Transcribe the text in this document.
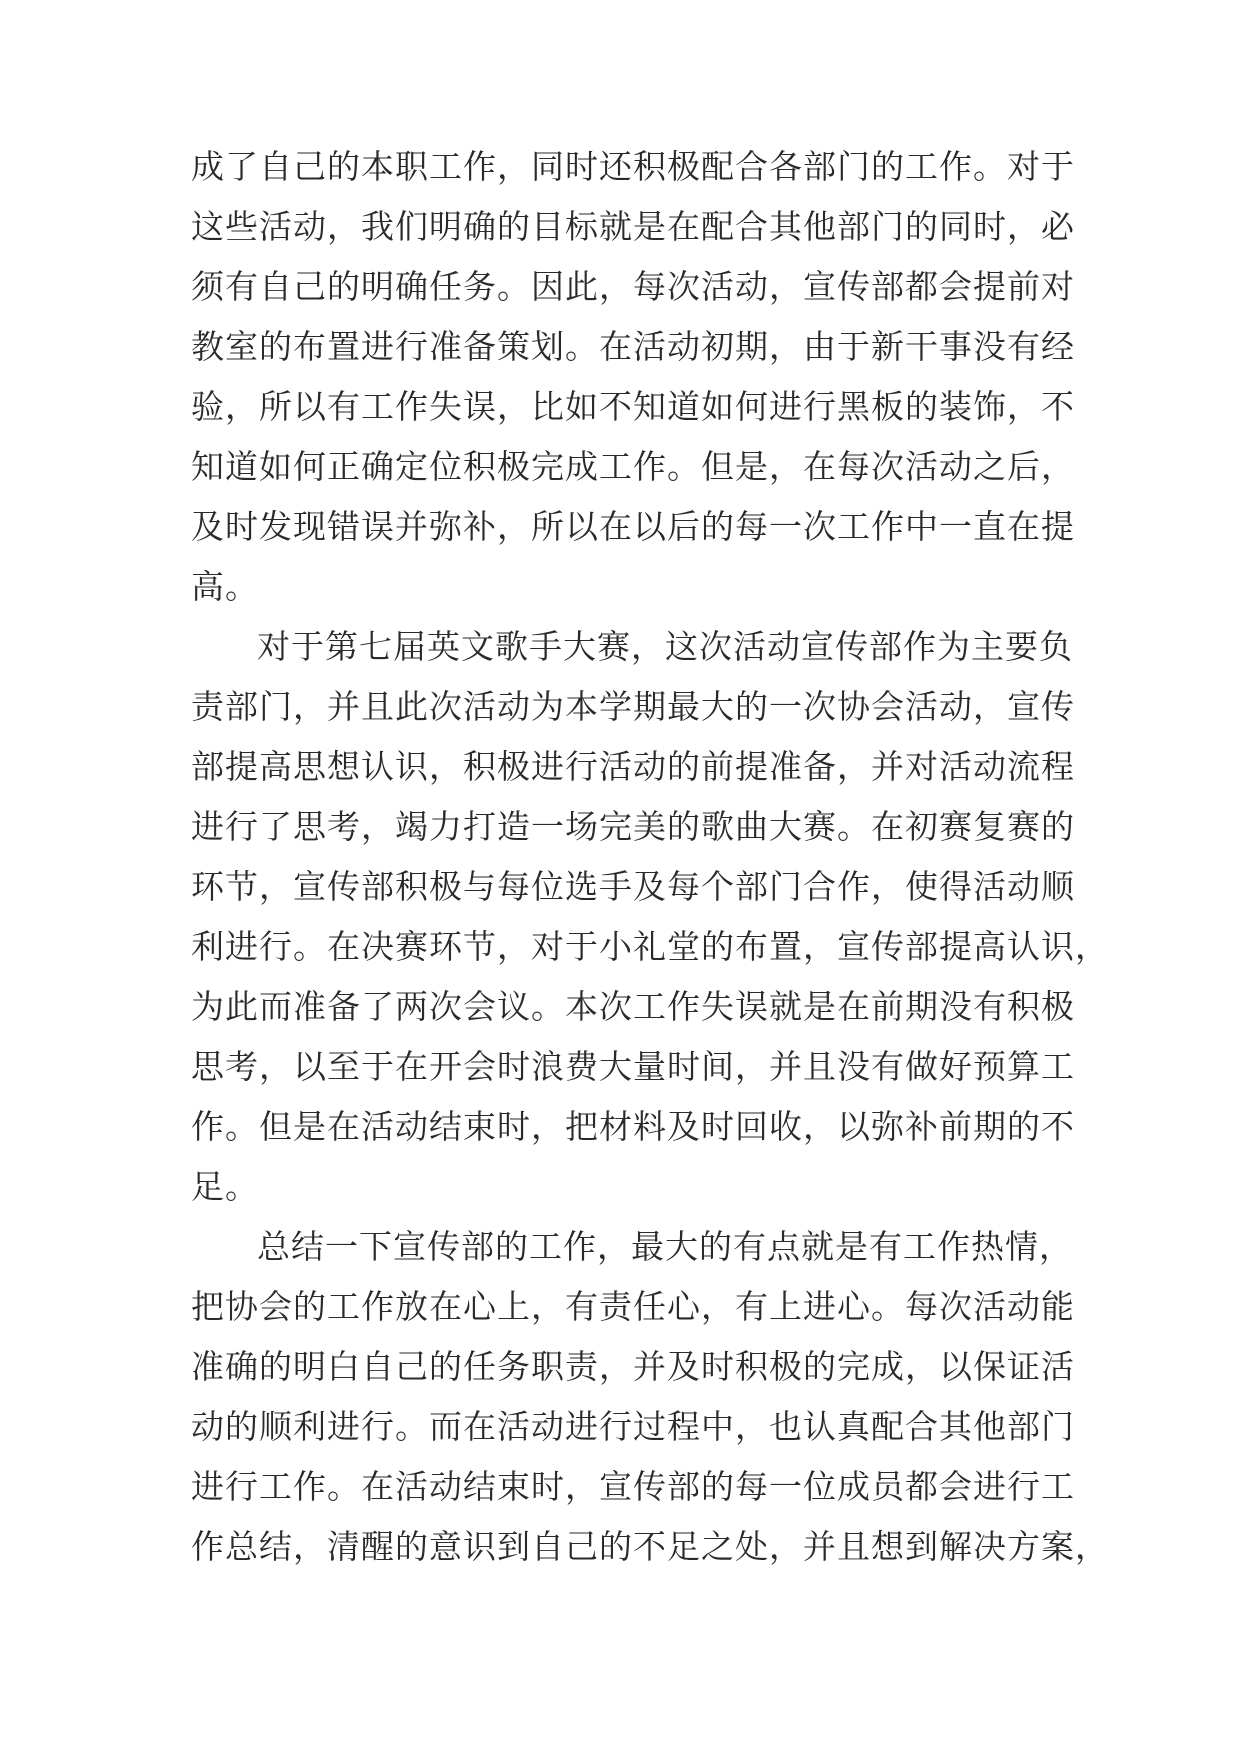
成了自己的本职工作，同时还积极配合各部门的工作。对于
这些活动，我们明确的目标就是在配合其他部门的同时，必
须有自己的明确任务。因此，每次活动，宣传部都会提前对
教室的布置进行准备策划。在活动初期，由于新干事没有经
验，所以有工作失误，比如不知道如何进行黑板的装饰，不
知道如何正确定位积极完成工作。但是，在每次活动之后，
及时发现错误并弥补，所以在以后的每一次工作中一直在提
高。
对于第七届英文歌手大赛，这次活动宣传部作为主要负
责部门，并且此次活动为本学期最大的一次协会活动，宣传
部提高思想认识，积极进行活动的前提准备，并对活动流程
进行了思考，竭力打造一场完美的歌曲大赛。在初赛复赛的
环节，宣传部积极与每位选手及每个部门合作，使得活动顺
利进行。在决赛环节，对于小礼堂的布置，宣传部提高认识，
为此而准备了两次会议。本次工作失误就是在前期没有积极
思考，以至于在开会时浪费大量时间，并且没有做好预算工
作。但是在活动结束时，把材料及时回收，以弥补前期的不
足。
总结一下宣传部的工作，最大的有点就是有工作热情，
把协会的工作放在心上，有责任心，有上进心。每次活动能
准确的明白自己的任务职责，并及时积极的完成，以保证活
动的顺利进行。而在活动进行过程中，也认真配合其他部门
进行工作。在活动结束时，宣传部的每一位成员都会进行工
作总结，清醒的意识到自己的不足之处，并且想到解决方案，
